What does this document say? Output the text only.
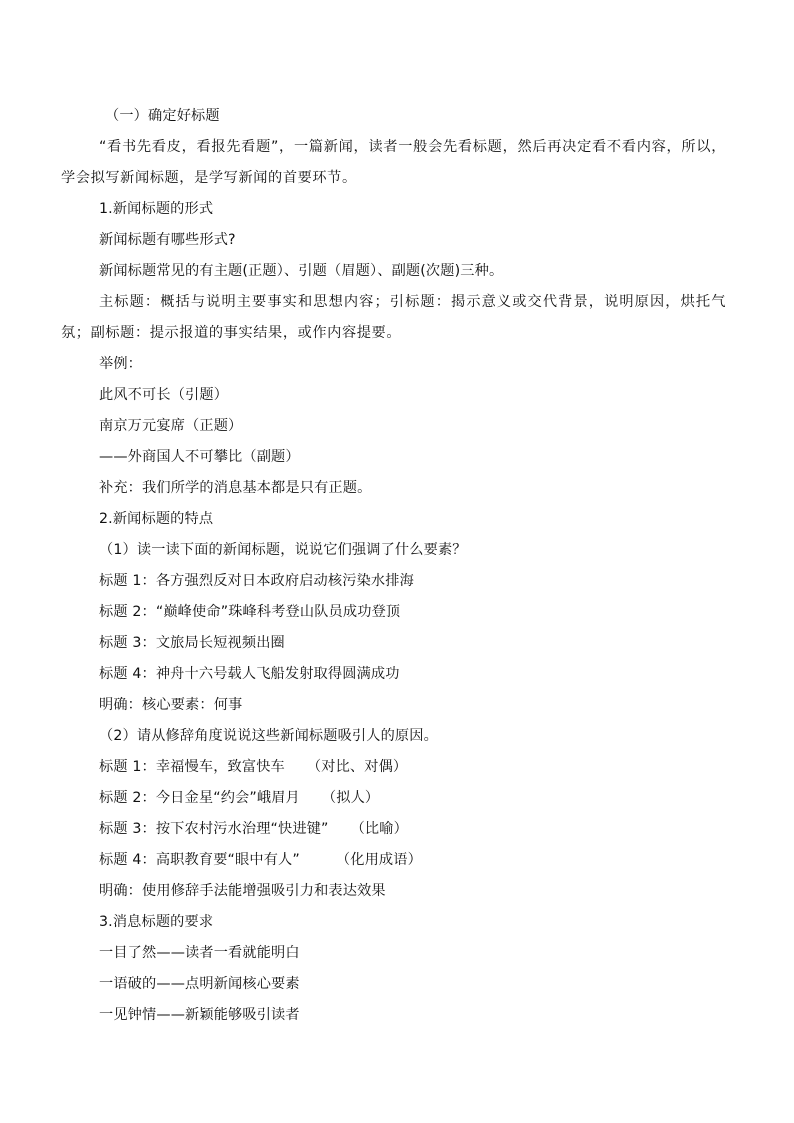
（一）确定好标题
“看书先看皮，看报先看题”，一篇新闻，读者一般会先看标题，然后再决定看不看内容，所以，学会拟写新闻标题，是学写新闻的首要环节。
1.新闻标题的形式
新闻标题有哪些形式?
新闻标题常见的有主题(正题）、引题（眉题）、副题(次题)三种。
主标题：概括与说明主要事实和思想内容；引标题：揭示意义或交代背景，说明原因，烘托气氛；副标题：提示报道的事实结果，或作内容提要。
举例：
此风不可长（引题）
南京万元宴席（正题）
——外商国人不可攀比（副题）
补充：我们所学的消息基本都是只有正题。
2.新闻标题的特点
（1）读一读下面的新闻标题，说说它们强调了什么要素？
标题 1：各方强烈反对日本政府启动核污染水排海
标题 2：“巅峰使命”珠峰科考登山队员成功登顶
标题 3：文旅局长短视频出圈
标题 4：神舟十六号载人飞船发射取得圆满成功
明确：核心要素：何事
（2）请从修辞角度说说这些新闻标题吸引人的原因。
标题 1：幸福慢车，致富快车 （对比、对偶）
标题 2：今日金星“约会”峨眉月 （拟人）
标题 3：按下农村污水治理“快进键” （比喻）
标题 4：高职教育要“眼中有人”	（化用成语）
明确：使用修辞手法能增强吸引力和表达效果
3.消息标题的要求
一目了然——读者一看就能明白
一语破的——点明新闻核心要素
一见钟情——新颖能够吸引读者
